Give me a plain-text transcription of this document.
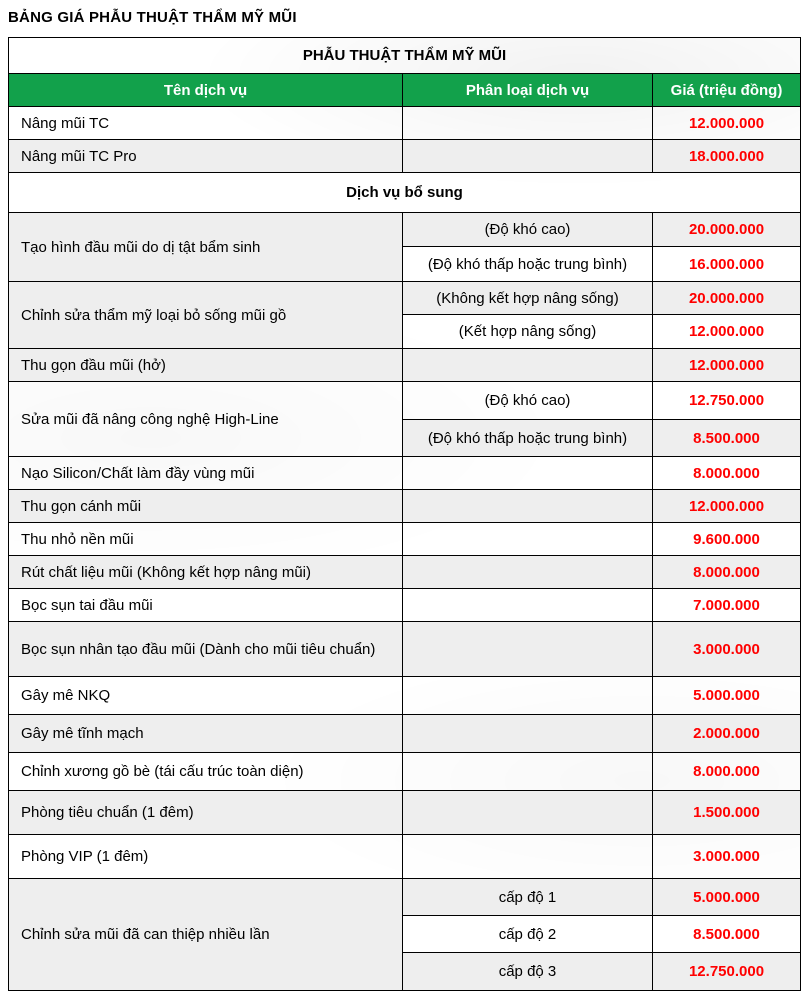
BẢNG GIÁ PHẪU THUẬT THẨM MỸ MŨI
PHẪU THUẬT THẨM MỸ MŨI		
Tên dịch vụ	Phân loại dịch vụ	Giá (triệu đồng)
Nâng mũi TC		12.000.000
Nâng mũi TC Pro		18.000.000
Dịch vụ bổ sung		
Tạo hình đầu mũi do dị tật bẩm sinh	(Độ khó cao)	20.000.000
	(Độ khó thấp hoặc trung bình)	16.000.000
Chỉnh sửa thẩm mỹ loại bỏ sống mũi gồ	(Không kết hợp nâng sống)	20.000.000
	(Kết hợp nâng sống)	12.000.000
Thu gọn đầu mũi (hở)		12.000.000
Sửa mũi đã nâng công nghệ High-Line	(Độ khó cao)	12.750.000
	(Độ khó thấp hoặc trung bình)	8.500.000
Nạo Silicon/Chất làm đầy vùng mũi		8.000.000
Thu gọn cánh mũi		12.000.000
Thu nhỏ nền mũi		9.600.000
Rút chất liệu mũi (Không kết hợp nâng mũi)		8.000.000
Bọc sụn tai đầu mũi		7.000.000
Bọc sụn nhân tạo đầu mũi (Dành cho mũi tiêu chuẩn)		3.000.000
Gây mê NKQ		5.000.000
Gây mê tĩnh mạch		2.000.000
Chỉnh xương gồ bè (tái cấu trúc toàn diện)		8.000.000
Phòng tiêu chuẩn (1 đêm)		1.500.000
Phòng VIP (1 đêm)		3.000.000
Chỉnh sửa mũi đã can thiệp nhiều lần	cấp độ 1	5.000.000
	cấp độ 2	8.500.000
	cấp độ 3	12.750.000
